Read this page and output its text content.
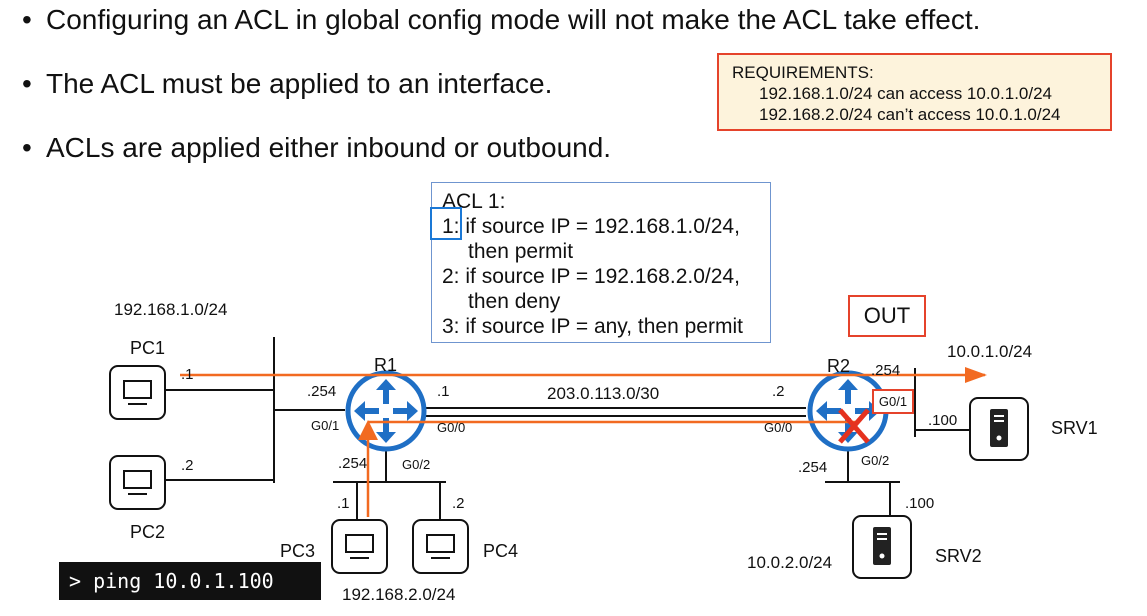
• Configuring an ACL in global config mode will not make the ACL take effect.
• The ACL must be applied to an interface.
• ACLs are applied either inbound or outbound.
REQUIREMENTS:
192.168.1.0/24 can access 10.0.1.0/24
192.168.2.0/24 can’t access 10.0.1.0/24
ACL 1:
1: if source IP = 192.168.1.0/24,
then permit
2: if source IP = 192.168.2.0/24,
then deny
3: if source IP = any, then permit	OUT
G0/1
192.168.1.0/24
PC1
PC2
PC3	PC4
192.168.2.0/24
R1	R2
SRV1
SRV2
203.0.113.0/30
10.0.1.0/24
10.0.2.0/24
.1
.2
.1	.2
.254	.1
.254
.2
.254
.254
.100
.100
G0/1	G0/0
G0/2
G0/0
G0/2
> ping 10.0.1.100
